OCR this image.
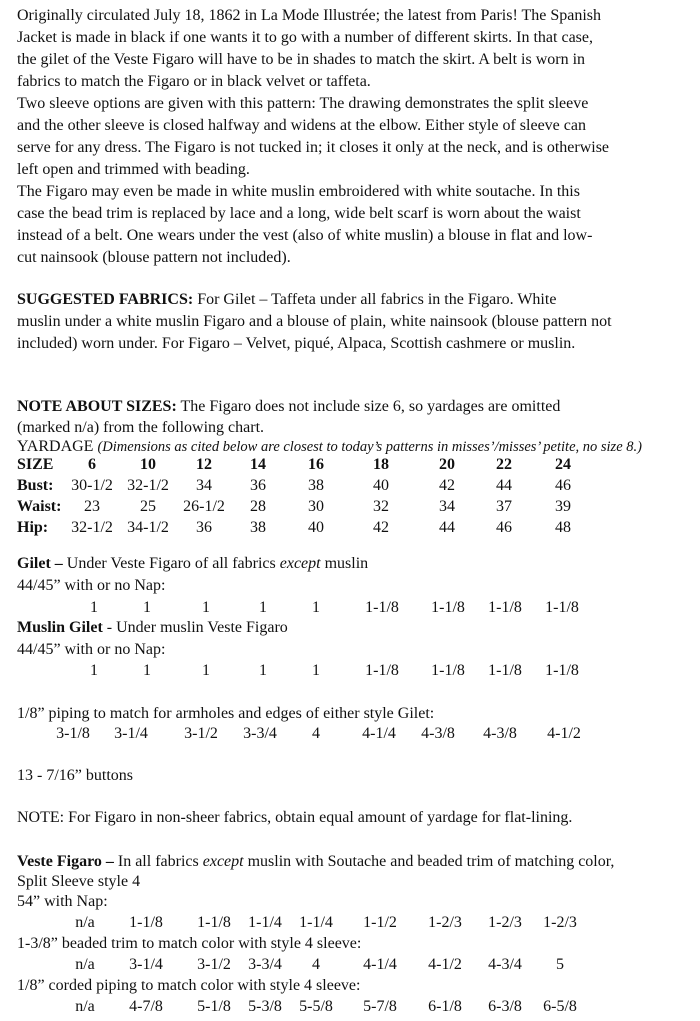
Originally circulated July 18, 1862 in La Mode Illustrée; the latest from Paris! The Spanish
Jacket is made in black if one wants it to go with a number of different skirts. In that case,
the gilet of the Veste Figaro will have to be in shades to match the skirt. A belt is worn in
fabrics to match the Figaro or in black velvet or taffeta.
Two sleeve options are given with this pattern: The drawing demonstrates the split sleeve
and the other sleeve is closed halfway and widens at the elbow. Either style of sleeve can
serve for any dress. The Figaro is not tucked in; it closes it only at the neck, and is otherwise
left open and trimmed with beading.
The Figaro may even be made in white muslin embroidered with white soutache. In this
case the bead trim is replaced by lace and a long, wide belt scarf is worn about the waist
instead of a belt. One wears under the vest (also of white muslin) a blouse in flat and low-
cut nainsook (blouse pattern not included).
SUGGESTED FABRICS: For Gilet – Taffeta under all fabrics in the Figaro. White
muslin under a white muslin Figaro and a blouse of plain, white nainsook (blouse pattern not
included) worn under. For Figaro – Velvet, piqué, Alpaca, Scottish cashmere or muslin.
NOTE ABOUT SIZES: The Figaro does not include size 6, so yardages are omitted
(marked n/a) from the following chart.
YARDAGE (Dimensions as cited below are closest to today’s patterns in misses’/misses’ petite, no size 8.)
SIZE	6	10	12	14	16	18	20	22	24
Bust:	30-1/2 32-1/2	34	36	38	40	42	44	46
Waist:	23	25	26-1/2	28	30	32	34	37	39
Hip:	32-1/2 34-1/2	36	38	40	42	44	46	48
Gilet – Under Veste Figaro of all fabrics except muslin
44/45” with or no Nap:
1	1	1	1	1	1-1/8	1-1/8	1-1/8	1-1/8
Muslin Gilet - Under muslin Veste Figaro
44/45” with or no Nap:
1	1	1	1	1	1-1/8	1-1/8	1-1/8	1-1/8
1/8” piping to match for armholes and edges of either style Gilet:
3-1/8	3-1/4	3-1/2	3-3/4	4	4-1/4	4-3/8	4-3/8	4-1/2
13 - 7/16” buttons
NOTE: For Figaro in non-sheer fabrics, obtain equal amount of yardage for flat-lining.
Veste Figaro – In all fabrics except muslin with Soutache and beaded trim of matching color,
Split Sleeve style 4
54” with Nap:
n/a	1-1/8	1-1/8	1-1/4	1-1/4	1-1/2	1-2/3	1-2/3	1-2/3
1-3/8” beaded trim to match color with style 4 sleeve:
n/a	3-1/4	3-1/2	3-3/4	4	4-1/4	4-1/2	4-3/4	5
1/8” corded piping to match color with style 4 sleeve:
n/a	4-7/8	5-1/8	5-3/8	5-5/8	5-7/8	6-1/8	6-3/8	6-5/8
